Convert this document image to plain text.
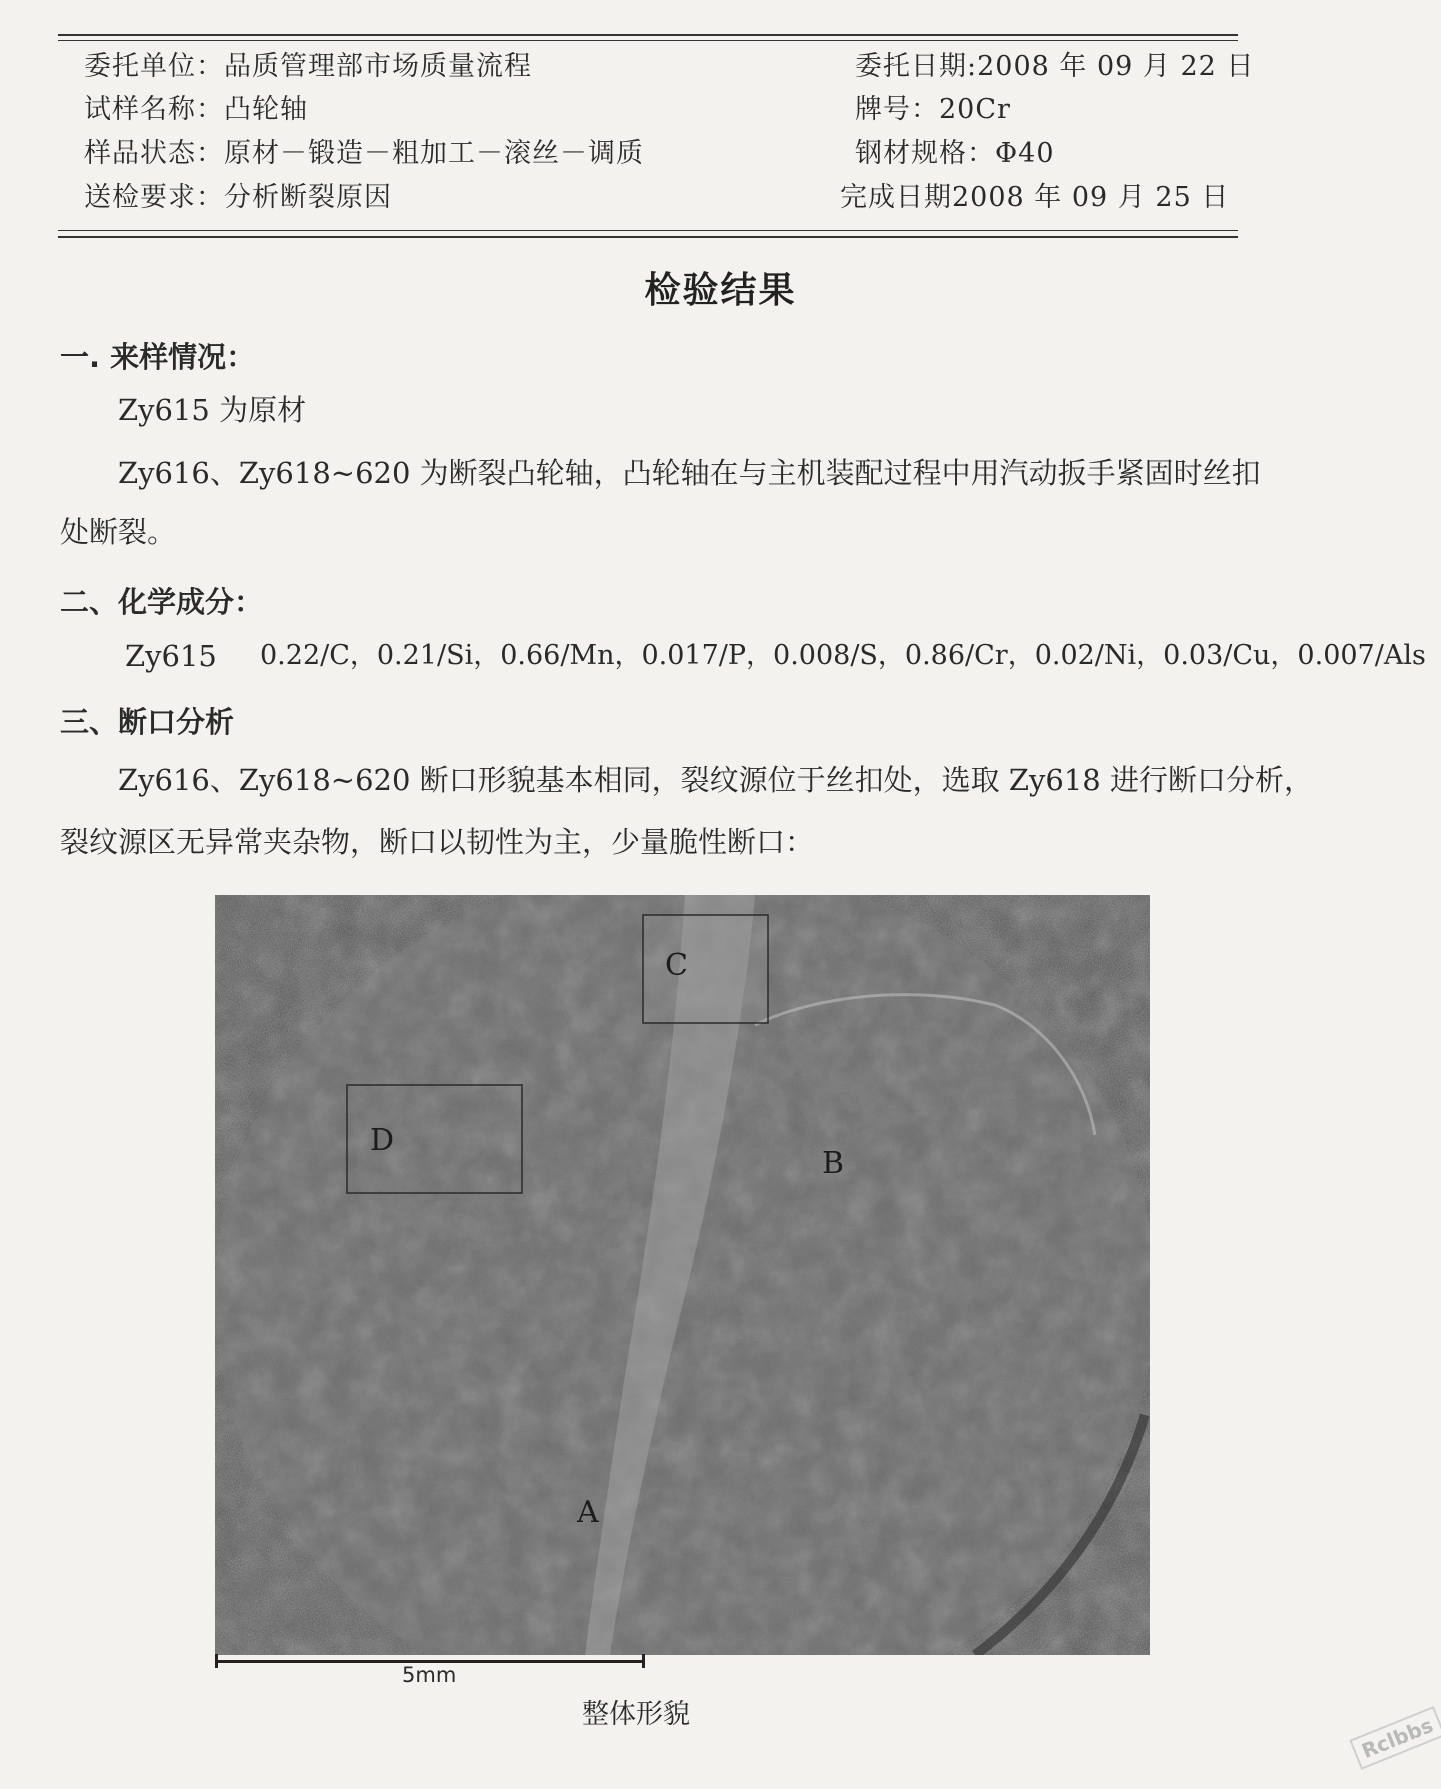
委托单位：品质管理部市场质量流程
试样名称：凸轮轴
样品状态：原材－锻造－粗加工－滚丝－调质
送检要求：分析断裂原因
委托日期:2008 年 09 月 22 日
牌号：20Cr
钢材规格：Φ40
完成日期2008 年 09 月 25 日
检验结果
一. 来样情况：
Zy615 为原材
Zy616、Zy618~620 为断裂凸轮轴，凸轮轴在与主机装配过程中用汽动扳手紧固时丝扣
处断裂。
二、化学成分：
Zy615 0.22/C，0.21/Si，0.66/Mn，0.017/P，0.008/S，0.86/Cr，0.02/Ni，0.03/Cu，0.007/Als
三、断口分析
Zy616、Zy618~620 断口形貌基本相同，裂纹源位于丝扣处，选取 Zy618 进行断口分析，
裂纹源区无异常夹杂物，断口以韧性为主，少量脆性断口：
C
D
B
A
5mm
整体形貌	Rclbbs
